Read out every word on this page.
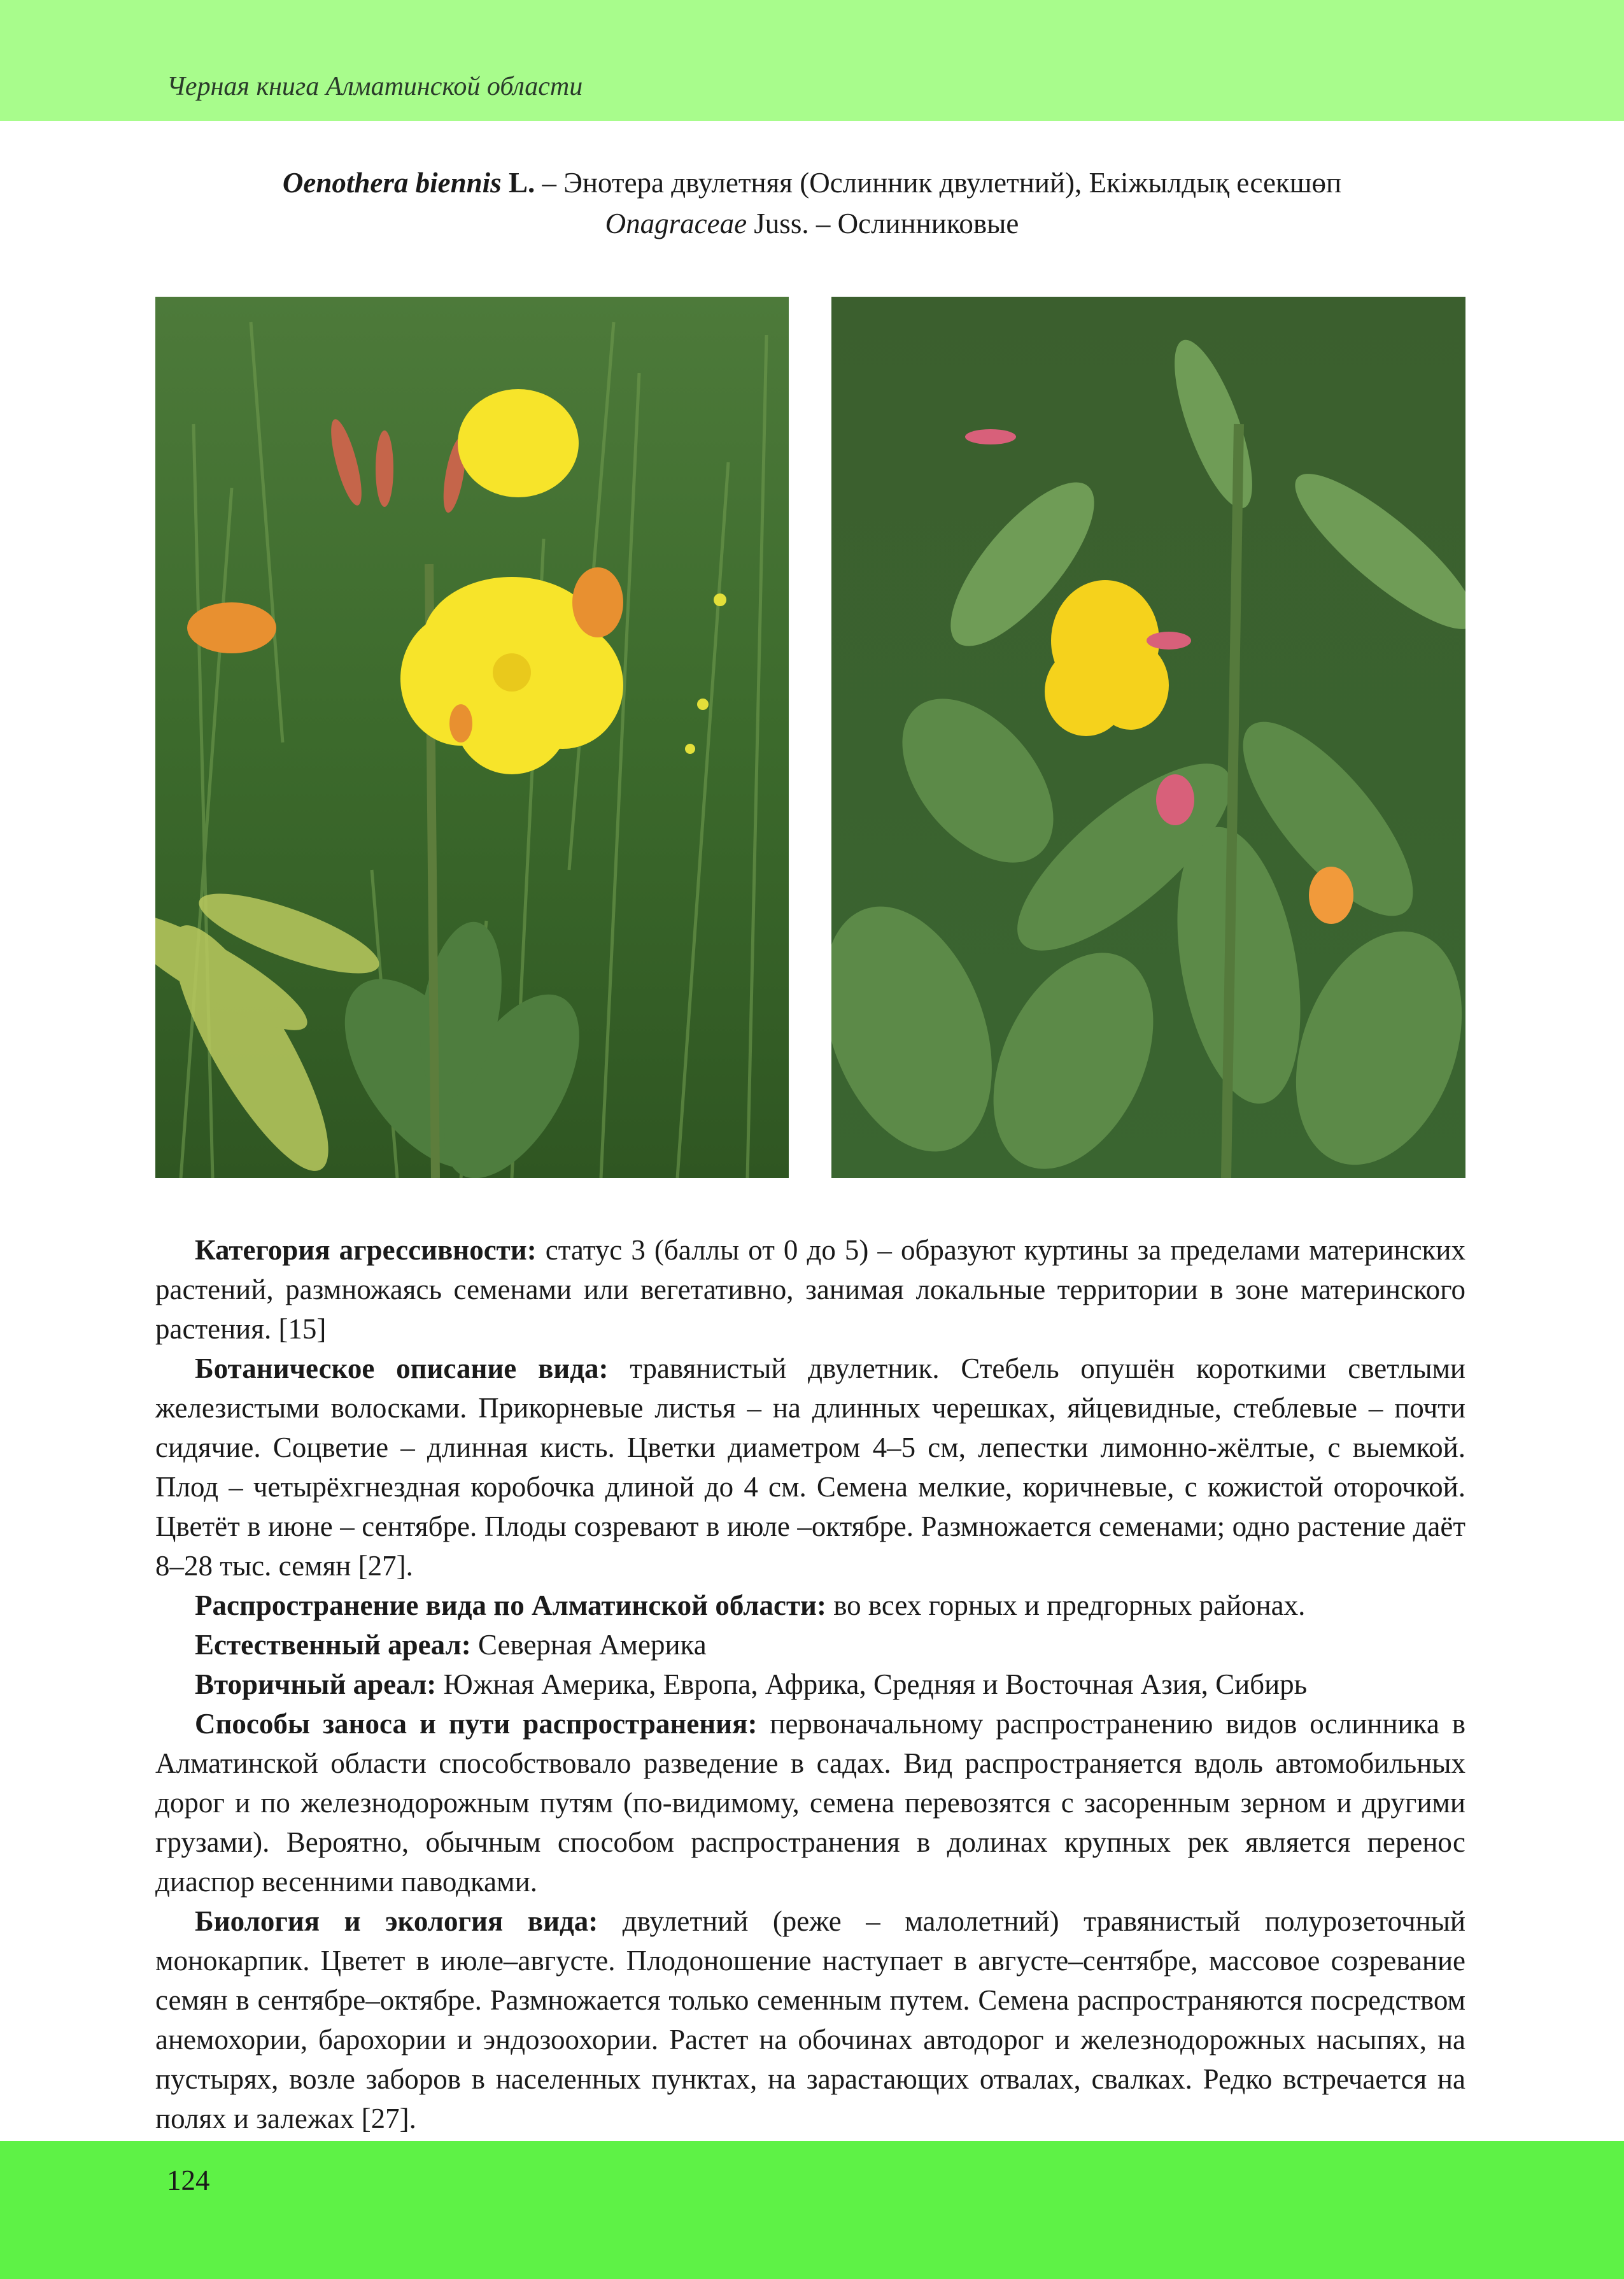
Черная книга Алматинской области
Oenothera biennis L. – Энотера двулетняя (Ослинник двулетний), Екіжылдық есекшөп
Onagraceae Juss. – Ослинниковые

Категория агрессивности: статус 3 (баллы от 0 до 5) – образуют куртины за пределами материнских растений, размножаясь семенами или вегетативно, занимая локальные территории в зоне материнского растения. [15]

Ботаническое описание вида: травянистый двулетник. Стебель опушён короткими светлыми железистыми волосками. Прикорневые листья – на длинных черешках, яйцевидные, стеблевые – почти сидячие. Соцветие – длинная кисть. Цветки диаметром 4–5 см, лепестки лимонно-жёлтые, с выемкой. Плод – четырёхгнездная коробочка длиной до 4 см. Семена мелкие, коричневые, с кожистой оторочкой. Цветёт в июне – сентябре. Плоды созревают в июле –октябре. Размножается семенами; одно растение даёт 8–28 тыс. семян [27].

Распространение вида по Алматинской области: во всех горных и предгорных районах.

Естественный ареал: Северная Америка

Вторичный ареал: Южная Америка, Европа, Африка, Средняя и Восточная Азия, Сибирь

Способы заноса и пути распространения: первоначальному распространению видов ослинника в Алматинской области способствовало разведение в садах. Вид распространяется вдоль автомобильных дорог и по железнодорожным путям (по-видимому, семена перевозятся с засоренным зерном и другими грузами). Вероятно, обычным способом распространения в долинах крупных рек является перенос диаспор весенними паводками.

Биология и экология вида: двулетний (реже – малолетний) травянистый полурозеточный монокарпик. Цветет в июле–августе. Плодоношение наступает в августе–сентябре, массовое созревание семян в сентябре–октябре. Размножается только семенным путем. Семена распространяются посредством анемохории, барохории и эндозоохории. Растет на обочинах автодорог и железнодорожных насыпях, на пустырях, возле заборов в населенных пунктах, на зарастающих отвалах, свалках. Редко встречается на полях и залежах [27].

124
